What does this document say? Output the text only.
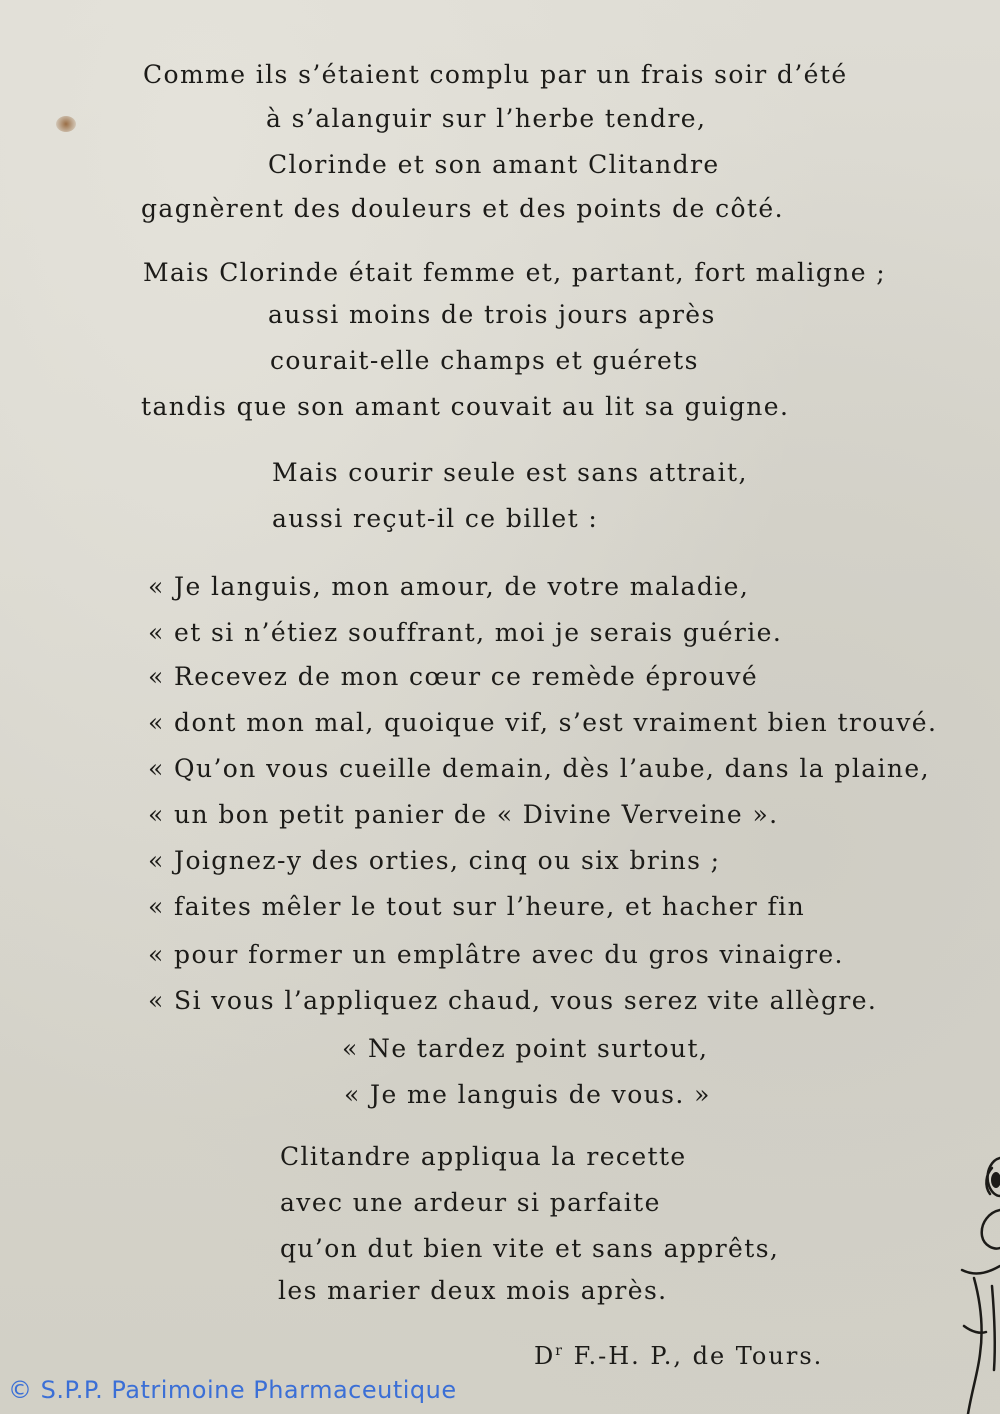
Comme ils s’étaient complu par un frais soir d’été
à s’alanguir sur l’herbe tendre,
Clorinde et son amant Clitandre
gagnèrent des douleurs et des points de côté.
Mais Clorinde était femme et, partant, fort maligne ;
aussi moins de trois jours après
courait-elle champs et guérets
tandis que son amant couvait au lit sa guigne.
Mais courir seule est sans attrait,
aussi reçut-il ce billet :
« Je languis, mon amour, de votre maladie,
« et si n’étiez souffrant, moi je serais guérie.
« Recevez de mon cœur ce remède éprouvé
« dont mon mal, quoique vif, s’est vraiment bien trouvé.
« Qu’on vous cueille demain, dès l’aube, dans la plaine,
« un bon petit panier de « Divine Verveine ».
« Joignez-y des orties, cinq ou six brins ;
« faites mêler le tout sur l’heure, et hacher fin
« pour former un emplâtre avec du gros vinaigre.
« Si vous l’appliquez chaud, vous serez vite allègre.
« Ne tardez point surtout,
« Je me languis de vous. »
Clitandre appliqua la recette
avec une ardeur si parfaite
qu’on dut bien vite et sans apprêts,
les marier deux mois après.
$D^r$ F.-H. P., de Tours.
© S.P.P. Patrimoine Pharmaceutique
